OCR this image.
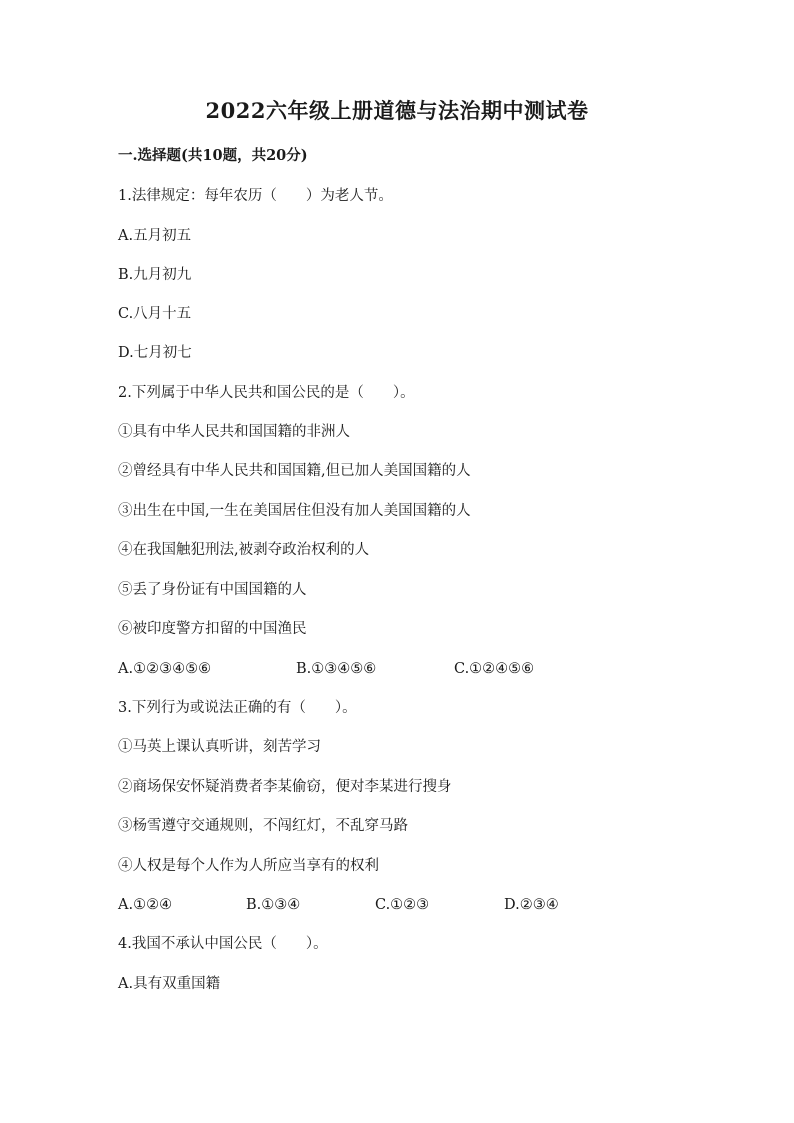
2022六年级上册道德与法治期中测试卷
一.选择题(共10题，共20分)
1.法律规定：每年农历（　　）为老人节。
A.五月初五
B.九月初九
C.八月十五
D.七月初七
2.下列属于中华人民共和国公民的是（　　）。
①具有中华人民共和国国籍的非洲人
②曾经具有中华人民共和国国籍,但已加人美国国籍的人
③出生在中国,一生在美国居住但没有加人美国国籍的人
④在我国触犯刑法,被剥夺政治权利的人
⑤丢了身份证有中国国籍的人
⑥被印度警方扣留的中国渔民
A.①②③④⑤⑥	B.①③④⑤⑥	C.①②④⑤⑥
3.下列行为或说法正确的有（　　）。
①马英上课认真听讲，刻苦学习
②商场保安怀疑消费者李某偷窃，便对李某进行搜身
③杨雪遵守交通规则，不闯红灯，不乱穿马路
④人权是每个人作为人所应当享有的权利
A.①②④	B.①③④	C.①②③	D.②③④
4.我国不承认中国公民（　　）。
A.具有双重国籍
